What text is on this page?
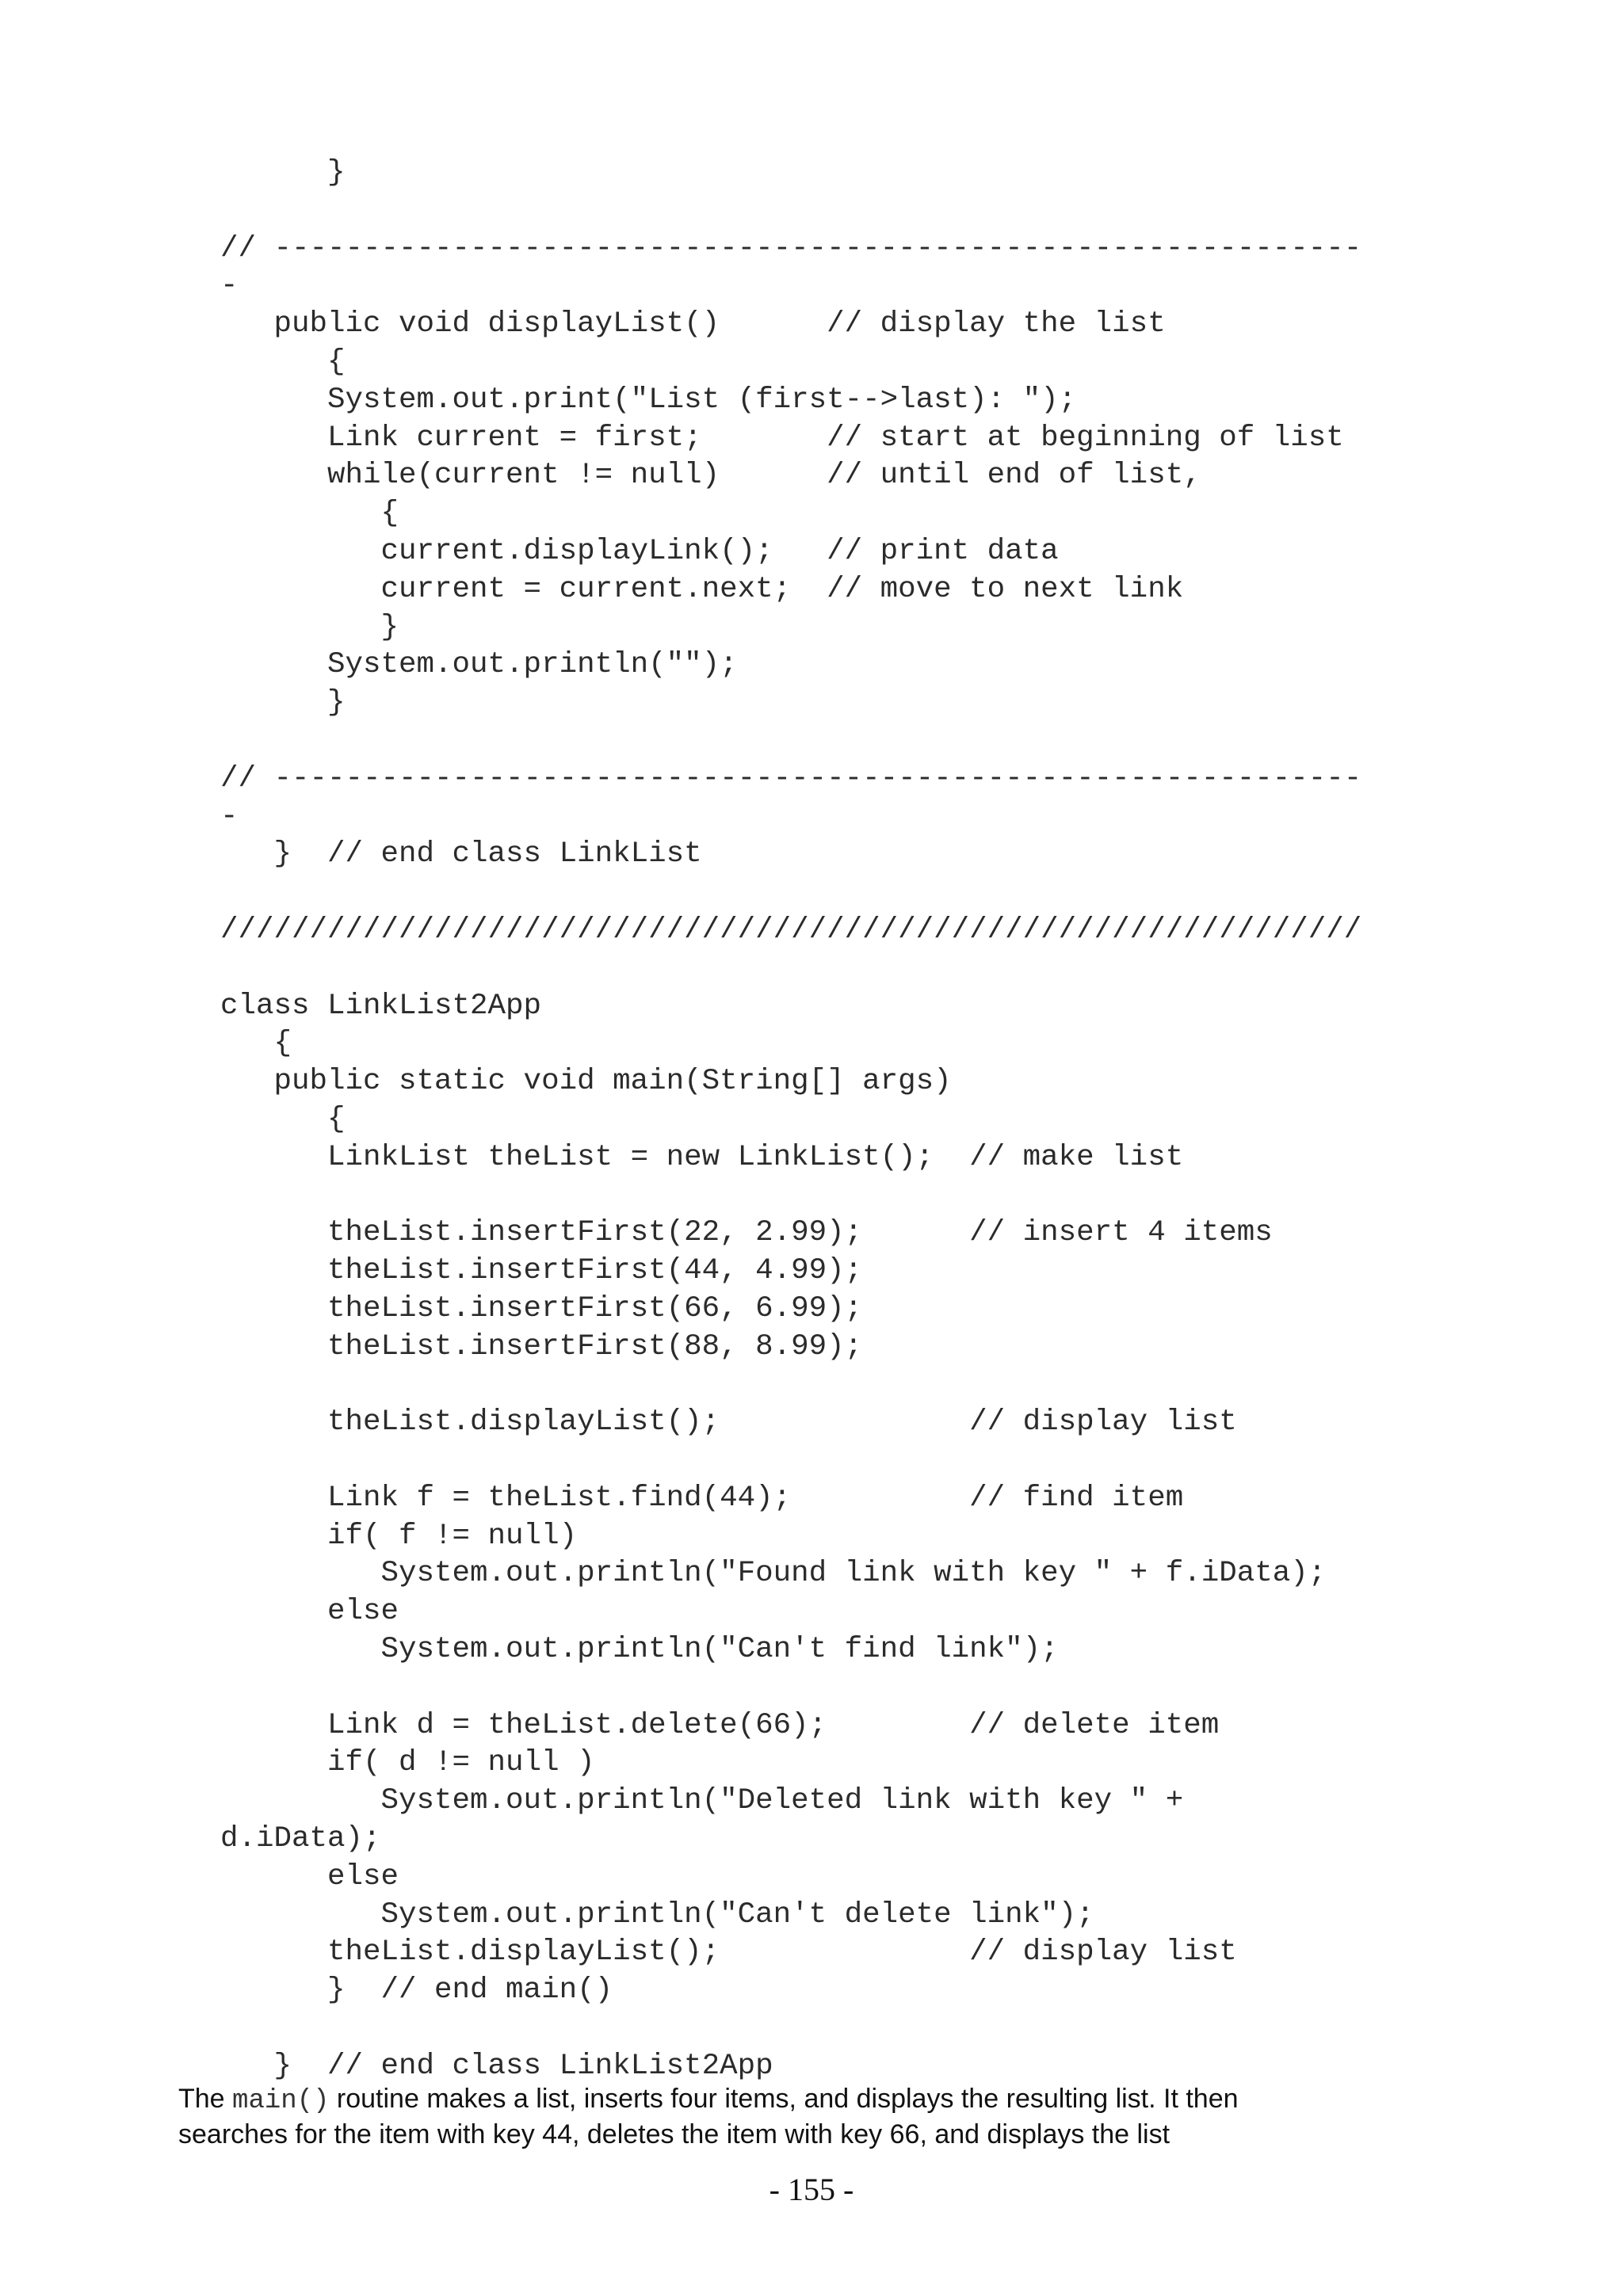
}
// -------------------------------------------------------------
-
public void displayList()      // display the list
{
System.out.print("List (first-->last): ");
Link current = first;       // start at beginning of list
while(current != null)      // until end of list,
{
current.displayLink();   // print data
current = current.next;  // move to next link
}
System.out.println("");
}
// -------------------------------------------------------------
-
}  // end class LinkList
////////////////////////////////////////////////////////////////
class LinkList2App
{
public static void main(String[] args)
{
LinkList theList = new LinkList();  // make list
theList.insertFirst(22, 2.99);      // insert 4 items
theList.insertFirst(44, 4.99);
theList.insertFirst(66, 6.99);
theList.insertFirst(88, 8.99);
theList.displayList();              // display list
Link f = theList.find(44);          // find item
if( f != null)
System.out.println("Found link with key " + f.iData);
else
System.out.println("Can't find link");
Link d = theList.delete(66);        // delete item
if( d != null )
System.out.println("Deleted link with key " +
d.iData);
else
System.out.println("Can't delete link");
theList.displayList();              // display list
}  // end main()
}  // end class LinkList2App
The main() routine makes a list, inserts four items, and displays the resulting list. It then
searches for the item with key 44, deletes the item with key 66, and displays the list
- 155 -
